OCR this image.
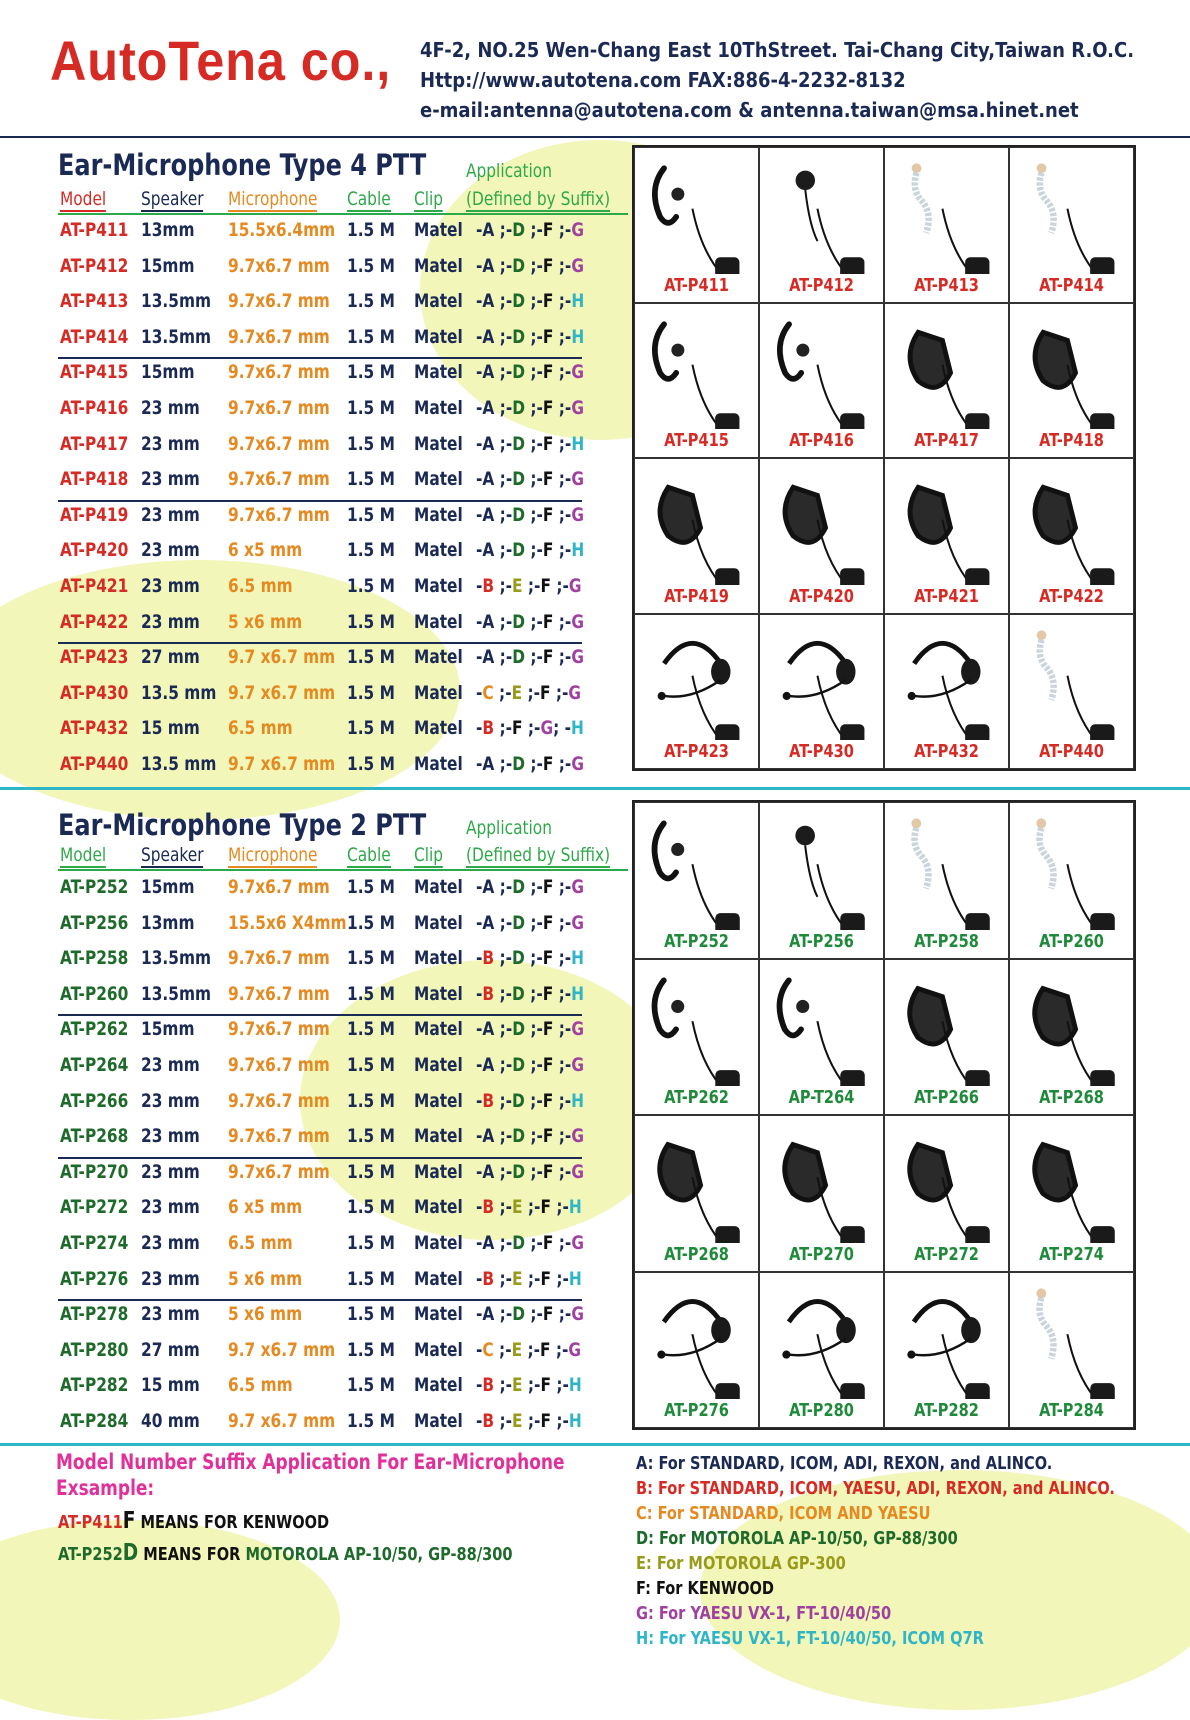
AutoTena co., 4F-2, NO.25 Wen-Chang East 10ThStreet. Tai-Chang City,Taiwan R.O.C.
Http://www.autotena.com FAX:886-4-2232-8132
e-mail:antenna@autotena.com & antenna.taiwan@msa.hinet.net
Ear-Microphone Type 4 PTT Application
Model Speaker Microphone Cable Clip (Defined by Suffix)
AT-P411 13mm 15.5x6.4mm 1.5 M Matel -A ;-D ;-F ;-G
AT-P412 15mm 9.7x6.7 mm 1.5 M Matel -A ;-D ;-F ;-G
AT-P413 13.5mm 9.7x6.7 mm 1.5 M Matel -A ;-D ;-F ;-H
AT-P414 13.5mm 9.7x6.7 mm 1.5 M Matel -A ;-D ;-F ;-H
AT-P415 15mm 9.7x6.7 mm 1.5 M Matel -A ;-D ;-F ;-G
AT-P416 23 mm 9.7x6.7 mm 1.5 M Matel -A ;-D ;-F ;-G
AT-P417 23 mm 9.7x6.7 mm 1.5 M Matel -A ;-D ;-F ;-H
AT-P418 23 mm 9.7x6.7 mm 1.5 M Matel -A ;-D ;-F ;-G
AT-P419 23 mm 9.7x6.7 mm 1.5 M Matel -A ;-D ;-F ;-G
AT-P420 23 mm 6 x5 mm 1.5 M Matel -A ;-D ;-F ;-H
AT-P421 23 mm 6.5 mm	1.5 M Matel -B ;-E ;-F ;-G
AT-P422 23 mm 5 x6 mm 1.5 M Matel -A ;-D ;-F ;-G
AT-P423 27 mm 9.7 x6.7 mm 1.5 M Matel -A ;-D ;-F ;-G
AT-P430 13.5 mm 9.7 x6.7 mm 1.5 M Matel -C ;-E ;-F ;-G
AT-P432 15 mm 6.5 mm	1.5 M Matel -B ;-F ;-G; -H
AT-P440 13.5 mm 9.7 x6.7 mm 1.5 M Matel -A ;-D ;-F ;-G
AT-P411	AT-P412	AT-P413	AT-P414
AT-P415	AT-P416	AT-P417	AT-P418
AT-P419	AT-P420	AT-P421	AT-P422
AT-P423	AT-P430	AT-P432	AT-P440
Ear-Microphone Type 2 PTT Application
Model Speaker Microphone Cable Clip (Defined by Suffix)
AT-P252 15mm 9.7x6.7 mm 1.5 M Matel -A ;-D ;-F ;-G
AT-P256 13mm 15.5x6 X4mm 1.5 M Matel -A ;-D ;-F ;-G
AT-P258 13.5mm 9.7x6.7 mm 1.5 M Matel -B ;-D ;-F ;-H
AT-P260 13.5mm 9.7x6.7 mm 1.5 M Matel -B ;-D ;-F ;-H
AT-P262 15mm 9.7x6.7 mm 1.5 M Matel -A ;-D ;-F ;-G
AT-P264 23 mm 9.7x6.7 mm 1.5 M Matel -A ;-D ;-F ;-G
AT-P266 23 mm 9.7x6.7 mm 1.5 M Matel -B ;-D ;-F ;-H
AT-P268 23 mm 9.7x6.7 mm 1.5 M Matel -A ;-D ;-F ;-G
AT-P270 23 mm 9.7x6.7 mm 1.5 M Matel -A ;-D ;-F ;-G
AT-P272 23 mm 6 x5 mm 1.5 M Matel -B ;-E ;-F ;-H
AT-P274 23 mm 6.5 mm	1.5 M Matel -A ;-D ;-F ;-G
AT-P276 23 mm 5 x6 mm 1.5 M Matel -B ;-E ;-F ;-H
AT-P278 23 mm 5 x6 mm 1.5 M Matel -A ;-D ;-F ;-G
AT-P280 27 mm 9.7 x6.7 mm 1.5 M Matel -C ;-E ;-F ;-G
AT-P282 15 mm 6.5 mm	1.5 M Matel -B ;-E ;-F ;-H
AT-P284 40 mm 9.7 x6.7 mm 1.5 M Matel -B ;-E ;-F ;-H
AT-P252	AT-P256	AT-P258	AT-P260
AT-P262	AP-T264	AT-P266	AT-P268
AT-P268	AT-P270	AT-P272	AT-P274
AT-P276	AT-P280	AT-P282	AT-P284
Model Number Suffix Application For Ear-Microphone
Exsample:
AT-P411F MEANS FOR KENWOOD
AT-P252D MEANS FOR MOTOROLA AP-10/50, GP-88/300
A: For STANDARD, ICOM, ADI, REXON, and ALINCO.
B: For STANDARD, ICOM, YAESU, ADI, REXON, and ALINCO.
C: For STANDARD, ICOM AND YAESU
D: For MOTOROLA AP-10/50, GP-88/300
E: For MOTOROLA GP-300
F: For KENWOOD
G: For YAESU VX-1, FT-10/40/50
H: For YAESU VX-1, FT-10/40/50, ICOM Q7R
